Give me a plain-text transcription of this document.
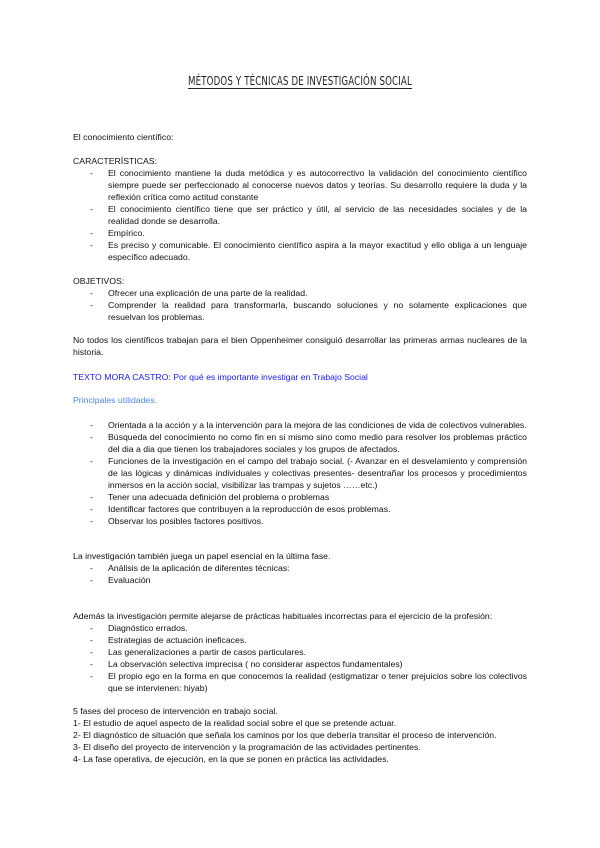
MÉTODOS Y TÉCNICAS DE INVESTIGACIÓN SOCIAL

El conocimiento científico:

CARACTERÍSTICAS:

- El conocimiento mantiene la duda metódica y es autocorrectivo la validación del conocimiento científico siempre puede ser perfeccionado al conocerse nuevos datos y teorías. Su desarrollo requiere la duda y la reflexión crítica como actitud constante
- El conocimiento científico tiene que ser práctico y útil, al servicio de las necesidades sociales y de la realidad donde se desarrolla.
- Empírico.
- Es preciso y comunicable. El conocimiento científico aspira a la mayor exactitud y ello obliga a un lenguaje específico adecuado.

OBJETIVOS:

- Ofrecer una explicación de una parte de la realidad.
- Comprender la realidad para transformarla, buscando soluciones y no solamente explicaciones que resuelvan los problemas.

No todos los científicos trabajan para el bien Oppenheimer consiguió desarrollar las primeras armas nucleares de la historia.

TEXTO MORA CASTRO: Por qué es importante investigar en Trabajo Social

Principales utilidades.

- Orientada a la acción y a la intervención para la mejora de las condiciones de vida de colectivos vulnerables.
- Búsqueda del conocimiento no como fin en si mismo sino como medio para resolver los problemas práctico del dia a dia que tienen los trabajadores sociales y los grupos de afectados.
- Funciones de la investigación en el campo del trabajo social. (- Avanzar en el desvelamiento y comprensión de las lógicas y dinámicas individuales y colectivas presentes- desentrañar los procesos y procedimientos inmersos en la acción social, visibilizar las trampas y sujetos ……etc.)
- Tener una adecuada definición del problema o problemas
- Identificar factores que contribuyen a la reproducción de esos problemas.
- Observar los posibles factores positivos.

La investigación también juega un papel esencial en la última fase.

- Análisis de la aplicación de diferentes técnicas:
- Evaluación

Además la investigación permite alejarse de prácticas habituales incorrectas para el ejercicio de la profesión:

- Diagnóstico errados.
- Estrategias de actuación ineficaces.
- Las generalizaciones a partir de casos particulares.
- La observación selectiva imprecisa ( no considerar aspectos fundamentales)
- El propio ego en la forma en que conocemos la realidad (estigmatizar o tener prejuicios sobre los colectivos que se intervienen: hiyab)

5 fases del proceso de intervención en trabajo social.

1- El estudio de aquel aspecto de la realidad social sobre el que se pretende actuar.

2- El diagnóstico de situación que señala los caminos por los que debería transitar el proceso de intervención.

3- El diseño del proyecto de intervención y la programación de las actividades pertinentes.

4- La fase operativa, de ejecución, en la que se ponen en práctica las actividades.
